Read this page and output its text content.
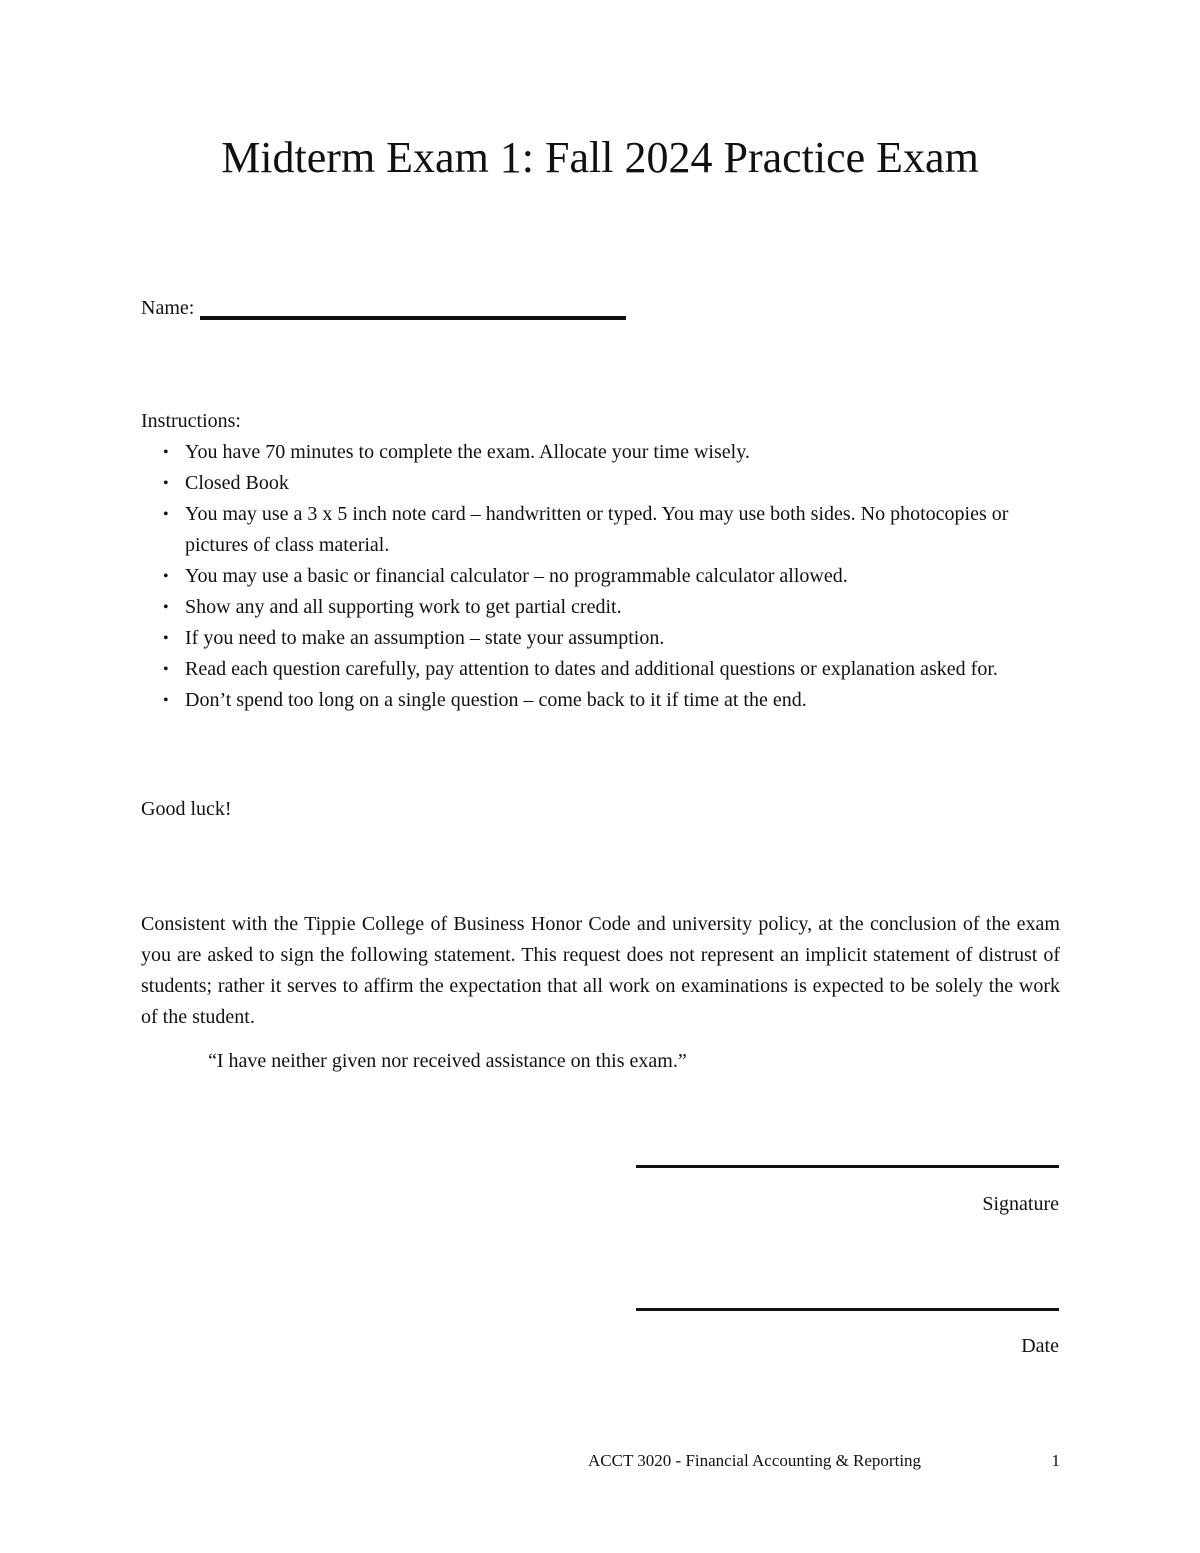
Midterm Exam 1: Fall 2024 Practice Exam
Name:
Instructions:
• You have 70 minutes to complete the exam. Allocate your time wisely.
• Closed Book
• You may use a 3 x 5 inch note card – handwritten or typed. You may use both sides. No photocopies or pictures of class material.
• You may use a basic or financial calculator – no programmable calculator allowed.
• Show any and all supporting work to get partial credit.
• If you need to make an assumption – state your assumption.
• Read each question carefully, pay attention to dates and additional questions or explanation asked for.
• Don’t spend too long on a single question – come back to it if time at the end.
Good luck!
Consistent with the Tippie College of Business Honor Code and university policy, at the conclusion of the exam you are asked to sign the following statement. This request does not represent an implicit statement of distrust of students; rather it serves to affirm the expectation that all work on examinations is expected to be solely the work of the student.
“I have neither given nor received assistance on this exam.”
Signature
Date
ACCT 3020 - Financial Accounting & Reporting	1
